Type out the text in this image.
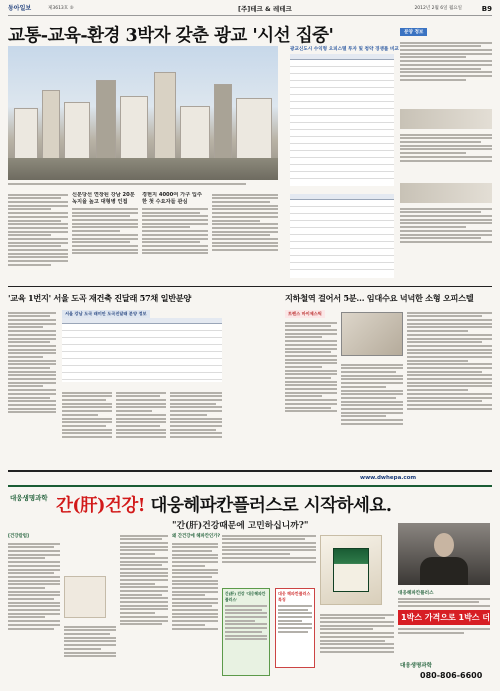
동아일보	제3613호 ⑤	[주]테크 & 레테크	2012년 2월 6일 월요일	B9
교통-교육-환경 3박자 갖춘 광교 '시선 집중'
신분당선 연장된 강남 20분 녹지율 높고 대형병 인접
경현지 4000여 가구 입주 한 첫 수요자들 관심
광교신도시 수익형 오피스텔 투자 및 청약 경쟁률 비교
분양 정보
'교육 1번지' 서울 도곡 재건축 진달래 57채 일반분양	지하철역 걸어서 5분… 임대수요 넉넉한 소형 오피스텔
서울 강남 도곡 래미안 도곡진달래 분양 정보	트렌스 마이제스틱
www.dwhepa.com
대웅생명과학 간(肝)건강! 대웅헤파칸플러스로 시작하세요.
"간(肝)건강때문에 고민하십니까?"
[건강칼럼]	왜 간건강에 헤파칸인가?
간(肝) 건강 '대웅헤파칸플러스'
대웅 헤파칸플러스 특징
대웅헤파칸플러스
1박스 가격으로 1박스 더
대웅생명과학
080-806-6600
